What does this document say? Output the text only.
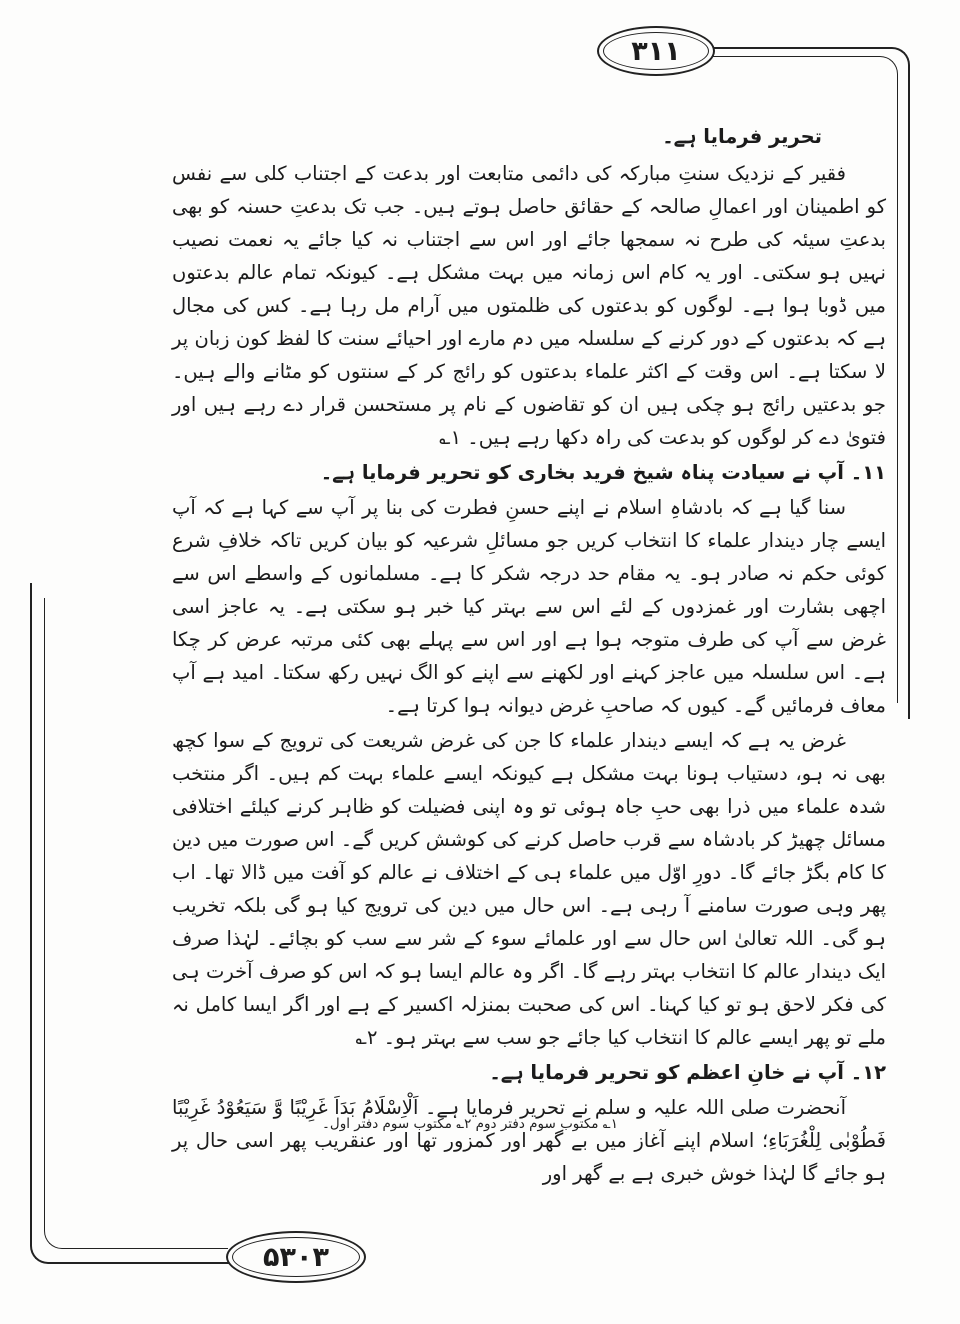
۳۱۱
۵۳۰۳

تحریر فرمایا ہے۔

فقیر کے نزدیک سنتِ مبارکہ کی دائمی متابعت اور بدعت کے اجتناب کلی سے نفس کو اطمینان اور اعمالِ صالحہ کے حقائق حاصل ہوتے ہیں۔ جب تک بدعتِ حسنہ کو بھی بدعتِ سیئہ کی طرح نہ سمجھا جائے اور اس سے اجتناب نہ کیا جائے یہ نعمت نصیب نہیں ہو سکتی۔ اور یہ کام اس زمانہ میں بہت مشکل ہے۔ کیونکہ تمام عالم بدعتوں میں ڈوبا ہوا ہے۔ لوگوں کو بدعتوں کی ظلمتوں میں آرام مل رہا ہے۔ کس کی مجال ہے کہ بدعتوں کے دور کرنے کے سلسلہ میں دم مارے اور احیائے سنت کا لفظ کون زبان پر لا سکتا ہے۔ اس وقت کے اکثر علماء بدعتوں کو رائج کر کے سنتوں کو مٹانے والے ہیں۔ جو بدعتیں رائج ہو چکی ہیں ان کو تقاضوں کے نام پر مستحسن قرار دے رہے ہیں اور فتویٰ دے کر لوگوں کو بدعت کی راہ دکھا رہے ہیں۔ ۱؎

۱۱۔ آپ نے سیادت پناہ شیخ فرید بخاری کو تحریر فرمایا ہے۔

سنا گیا ہے کہ بادشاہِ اسلام نے اپنے حسنِ فطرت کی بنا پر آپ سے کہا ہے کہ آپ ایسے چار دیندار علماء کا انتخاب کریں جو مسائلِ شرعیہ کو بیان کریں تاکہ خلافِ شرع کوئی حکم نہ صادر ہو۔ یہ مقام حد درجہ شکر کا ہے۔ مسلمانوں کے واسطے اس سے اچھی بشارت اور غمزدوں کے لئے اس سے بہتر کیا خبر ہو سکتی ہے۔ یہ عاجز اسی غرض سے آپ کی طرف متوجہ ہوا ہے اور اس سے پہلے بھی کئی مرتبہ عرض کر چکا ہے۔ اس سلسلہ میں عاجز کہنے اور لکھنے سے اپنے کو الگ نہیں رکھ سکتا۔ امید ہے آپ معاف فرمائیں گے۔ کیوں کہ صاحبِ غرض دیوانہ ہوا کرتا ہے۔

غرض یہ ہے کہ ایسے دیندار علماء کا جن کی غرض شریعت کی ترویج کے سوا کچھ بھی نہ ہو، دستیاب ہونا بہت مشکل ہے کیونکہ ایسے علماء بہت کم ہیں۔ اگر منتخب شدہ علماء میں ذرا بھی حبِ جاہ ہوئی تو وہ اپنی فضیلت کو ظاہر کرنے کیلئے اختلافی مسائل چھیڑ کر بادشاہ سے قرب حاصل کرنے کی کوشش کریں گے۔ اس صورت میں دین کا کام بگڑ جائے گا۔ دورِ اوّل میں علماء ہی کے اختلاف نے عالم کو آفت میں ڈالا تھا۔ اب پھر وہی صورت سامنے آ رہی ہے۔ اس حال میں دین کی ترویج کیا ہو گی بلکہ تخریب ہو گی۔ اللہ تعالیٰ اس حال سے اور علمائے سوء کے شر سے سب کو بچائے۔ لہٰذا صرف ایک دیندار عالم کا انتخاب بہتر رہے گا۔ اگر وہ عالم ایسا ہو کہ اس کو صرف آخرت ہی کی فکر لاحق ہو تو کیا کہنا۔ اس کی صحبت بمنزلہ اکسیر کے ہے اور اگر ایسا کامل نہ ملے تو پھر ایسے عالم کا انتخاب کیا جائے جو سب سے بہتر ہو۔ ۲؎

۱۲۔ آپ نے خانِ اعظم کو تحریر فرمایا ہے۔

آنحضرت صلی اللہ علیہ و سلم نے تحریر فرمایا ہے۔ اَلْاِسْلَامُ بَدَاَ غَرِیْبًا وَّ سَیَعُوْدُ غَرِیْبًا فَطُوْبٰی لِلْغُرَبَاءِ؛ اسلام اپنے آغاز میں بے گھر اور کمزور تھا اور عنقریب پھر اسی حال پر ہو جائے گا لہٰذا خوش خبری ہے بے گھر اور

۱؎ مکتوب سوم دفتر دوم ۲؎ مکتوب سوم دفتر اول۔
